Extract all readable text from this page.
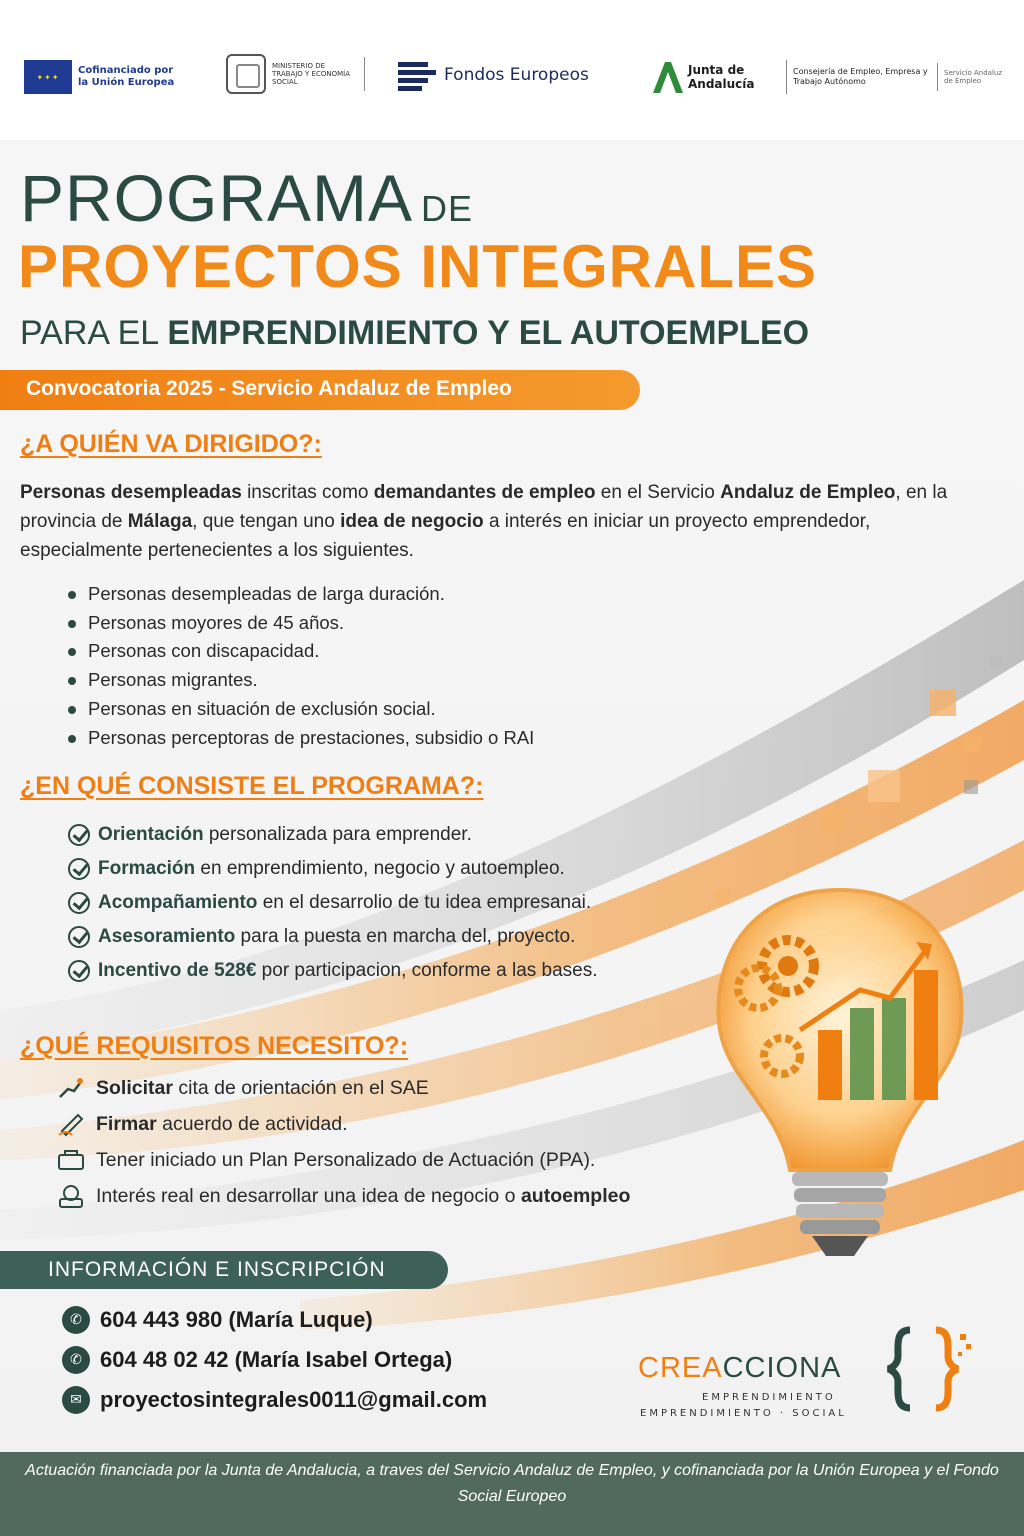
✦✦✦
Cofinanciado por la Unión Europea
MINISTERIO DE TRABAJO Y ECONOMÍA SOCIAL	Fondos Europeos	Junta de Andalucía
Consejería de Empleo, Empresa y Trabajo Autónomo
Servicio Andaluz de Empleo
PROGRAMA DE
PROYECTOS INTEGRALES
PARA EL EMPRENDIMIENTO Y EL AUTOEMPLEO
Convocatoria 2025 - Servicio Andaluz de Empleo
¿A QUIÉN VA DIRIGIDO?:
Personas desempleadas inscritas como demandantes de empleo en el Servicio Andaluz de Empleo, en la provincia de Málaga, que tengan uno idea de negocio a interés en iniciar un proyecto emprendedor, especialmente pertenecientes a los siguientes.
Personas desempleadas de larga duración.
Personas moyores de 45 años.
Personas con discapacidad.
Personas migrantes.
Personas en situación de exclusión social.
Personas perceptoras de prestaciones, subsidio o RAI
¿EN QUÉ CONSISTE EL PROGRAMA?:
Orientación personalizada para emprender.
Formación en emprendimiento, negocio y autoempleo.
Acompañamiento en el desarrolio de tu idea empresanai.
Asesoramiento para la puesta en marcha del, proyecto.
Incentivo de 528€ por participacion, conforme a las bases.
¿QUÉ REQUISITOS NECESITO?:
Solicitar cita de orientación en el SAE
Firmar acuerdo de actividad.
Tener iniciado un Plan Personalizado de Actuación (PPA).
Interés real en desarrollar una idea de negocio o autoempleo
INFORMACIÓN E INSCRIPCIÓN
✆ 604 443 980 (María Luque)
✆ 604 48 02 42 (María Isabel Ortega)
✉ proyectosintegrales0011@gmail.com
CREACCIONA
EMPRENDIMIENTO
EMPRENDIMIENTO · SOCIAL
Actuación financiada por la Junta de Andalucia, a traves del Servicio Andaluz de Empleo, y cofinanciada por la Unión Europea y el Fondo Social Europeo
